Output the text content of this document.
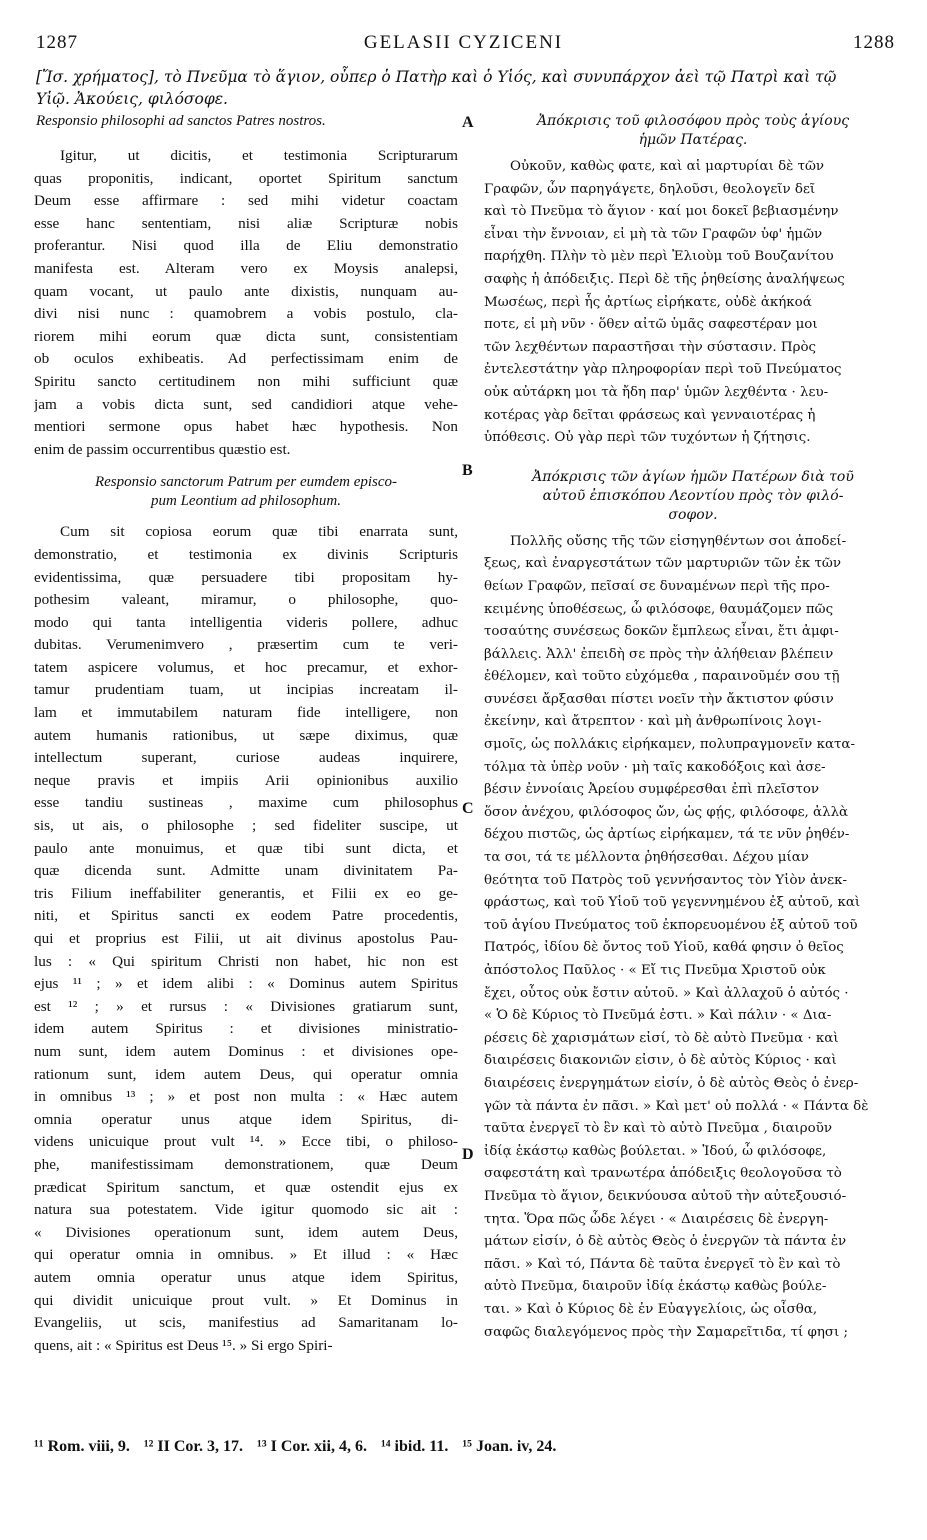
1287	GELASII CYZICENI	1288
[Ἴσ. χρήματος], τὸ Πνεῦμα τὸ ἅγιον, οὗπερ ὁ Πατὴρ καὶ ὁ Υἱός, καὶ συνυπάρχον ἀεὶ τῷ Πατρὶ καὶ τῷ
Υἱῷ. Ἀκούεις, φιλόσοφε.
A
B
C
D
Responsio philosophi ad sanctos Patres nostros.

Igitur, ut dicitis, et testimonia Scripturarum

quas proponitis, indicant, oportet Spiritum sanctum

Deum esse affirmare : sed mihi videtur coactam

esse hanc sententiam, nisi aliæ Scripturæ nobis

proferantur. Nisi quod illa de Eliu demonstratio

manifesta est. Alteram vero ex Moysis analepsi,

quam vocant, ut paulo ante dixistis, nunquam au-

divi nisi nunc : quamobrem a vobis postulo, cla-

riorem mihi eorum quæ dicta sunt, consistentiam

ob oculos exhibeatis. Ad perfectissimam enim de

Spiritu sancto certitudinem non mihi sufficiunt quæ

jam a vobis dicta sunt, sed candidiori atque vehe-

mentiori sermone opus habet hæc hypothesis. Non

enim de passim occurrentibus quæstio est.

Responsio sanctorum Patrum per eumdem episco-
pum Leontium ad philosophum.

Cum sit copiosa eorum quæ tibi enarrata sunt,

demonstratio, et testimonia ex divinis Scripturis

evidentissima, quæ persuadere tibi propositam hy-

pothesim valeant, miramur, o philosophe, quo-

modo qui tanta intelligentia videris pollere, adhuc

dubitas. Verumenimvero , præsertim cum te veri-

tatem aspicere volumus, et hoc precamur, et exhor-

tamur prudentiam tuam, ut incipias increatam il-

lam et immutabilem naturam fide intelligere, non

autem humanis rationibus, ut sæpe diximus, quæ

intellectum superant, curiose audeas inquirere,

neque pravis et impiis Arii opinionibus auxilio

esse tandiu sustineas , maxime cum philosophus

sis, ut ais, o philosophe ; sed fideliter suscipe, ut

paulo ante monuimus, et quæ tibi sunt dicta, et

quæ dicenda sunt. Admitte unam divinitatem Pa-

tris Filium ineffabiliter generantis, et Filii ex eo ge-

niti, et Spiritus sancti ex eodem Patre procedentis,

qui et proprius est Filii, ut ait divinus apostolus Pau-

lus : « Qui spiritum Christi non habet, hic non est

ejus ¹¹ ; » et idem alibi : « Dominus autem Spiritus

est ¹² ; » et rursus : « Divisiones gratiarum sunt,

idem autem Spiritus : et divisiones ministratio-

num sunt, idem autem Dominus : et divisiones ope-

rationum sunt, idem autem Deus, qui operatur omnia

in omnibus ¹³ ; » et post non multa : « Hæc autem

omnia operatur unus atque idem Spiritus, di-

videns unicuique prout vult ¹⁴. » Ecce tibi, o philoso-

phe, manifestissimam demonstrationem, quæ Deum

prædicat Spiritum sanctum, et quæ ostendit ejus ex

natura sua potestatem. Vide igitur quomodo sic ait :

« Divisiones operationum sunt, idem autem Deus,

qui operatur omnia in omnibus. » Et illud : « Hæc

autem omnia operatur unus atque idem Spiritus,

qui dividit unicuique prout vult. » Et Dominus in

Evangeliis, ut scis, manifestius ad Samaritanam lo-

quens, ait : « Spiritus est Deus ¹⁵. » Si ergo Spiri-

Ἀπόκρισις τοῦ φιλοσόφου πρὸς τοὺς ἁγίους
ἡμῶν Πατέρας.

Οὐκοῦν, καθὼς φατε, καὶ αἱ μαρτυρίαι δὲ τῶν

Γραφῶν, ὧν παρηγάγετε, δηλοῦσι, θεολογεῖν δεῖ

καὶ τὸ Πνεῦμα τὸ ἅγιον · καί μοι δοκεῖ βεβιασμένην

εἶναι τὴν ἔννοιαν, εἰ μὴ τὰ τῶν Γραφῶν ὑφ' ἡμῶν

παρήχθη. Πλὴν τὸ μὲν περὶ Ἐλιοὺμ τοῦ Βουζανίτου

σαφὴς ἡ ἀπόδειξις. Περὶ δὲ τῆς ῥηθείσης ἀναλήψεως

Μωσέως, περὶ ἧς ἀρτίως εἰρήκατε, οὐδὲ ἀκήκοά

ποτε, εἰ μὴ νῦν · ὅθεν αἰτῶ ὑμᾶς σαφεστέραν μοι

τῶν λεχθέντων παραστῆσαι τὴν σύστασιν. Πρὸς

ἐντελεστάτην γὰρ πληροφορίαν περὶ τοῦ Πνεύματος

οὐκ αὐτάρκη μοι τὰ ἤδη παρ' ὑμῶν λεχθέντα · λευ-

κοτέρας γὰρ δεῖται φράσεως καὶ γενναιοτέρας ἡ

ὑπόθεσις. Οὐ γὰρ περὶ τῶν τυχόντων ἡ ζήτησις.

Ἀπόκρισις τῶν ἁγίων ἡμῶν Πατέρων διὰ τοῦ
αὐτοῦ ἐπισκόπου Λεοντίου πρὸς τὸν φιλό-
σοφον.

Πολλῆς οὔσης τῆς τῶν εἰσηγηθέντων σοι ἀποδεί-

ξεως, καὶ ἐναργεστάτων τῶν μαρτυριῶν τῶν ἐκ τῶν

θείων Γραφῶν, πεῖσαί σε δυναμένων περὶ τῆς προ-

κειμένης ὑποθέσεως, ὦ φιλόσοφε, θαυμάζομεν πῶς

τοσαύτης συνέσεως δοκῶν ἔμπλεως εἶναι, ἔτι ἀμφι-

βάλλεις. Ἀλλ' ἐπειδὴ σε πρὸς τὴν ἀλήθειαν βλέπειν

ἐθέλομεν, καὶ τοῦτο εὐχόμεθα , παραινοῦμέν σου τῇ

συνέσει ἄρξασθαι πίστει νοεῖν τὴν ἄκτιστον φύσιν

ἐκείνην, καὶ ἄτρεπτον · καὶ μὴ ἀνθρωπίνοις λογι-

σμοῖς, ὡς πολλάκις εἰρήκαμεν, πολυπραγμονεῖν κατα-

τόλμα τὰ ὑπὲρ νοῦν · μὴ ταῖς κακοδόξοις καὶ ἀσε-

βέσιν ἐννοίαις Ἀρείου συμφέρεσθαι ἐπὶ πλεῖστον

ὅσον ἀνέχου, φιλόσοφος ὤν, ὡς φῄς, φιλόσοφε, ἀλλὰ

δέχου πιστῶς, ὡς ἀρτίως εἰρήκαμεν, τά τε νῦν ῥηθέν-

τα σοι, τά τε μέλλοντα ῥηθήσεσθαι. Δέχου μίαν

θεότητα τοῦ Πατρὸς τοῦ γεννήσαντος τὸν Υἱὸν ἀνεκ-

φράστως, καὶ τοῦ Υἱοῦ τοῦ γεγεννημένου ἐξ αὐτοῦ, καὶ

τοῦ ἁγίου Πνεύματος τοῦ ἐκπορευομένου ἐξ αὐτοῦ τοῦ

Πατρός, ἰδίου δὲ ὄντος τοῦ Υἱοῦ, καθά φησιν ὁ θεῖος

ἀπόστολος Παῦλος · « Εἴ τις Πνεῦμα Χριστοῦ οὐκ

ἔχει, οὗτος οὐκ ἔστιν αὐτοῦ. » Καὶ ἀλλαχοῦ ὁ αὐτός ·

« Ὁ δὲ Κύριος τὸ Πνεῦμά ἐστι. » Καὶ πάλιν · « Δια-

ρέσεις δὲ χαρισμάτων εἰσί, τὸ δὲ αὐτὸ Πνεῦμα · καὶ

διαιρέσεις διακονιῶν εἰσιν, ὁ δὲ αὐτὸς Κύριος · καὶ

διαιρέσεις ἐνεργημάτων εἰσίν, ὁ δὲ αὐτὸς Θεὸς ὁ ἐνερ-

γῶν τὰ πάντα ἐν πᾶσι. » Καὶ μετ' οὐ πολλά · « Πάντα δὲ

ταῦτα ἐνεργεῖ τὸ ἓν καὶ τὸ αὐτὸ Πνεῦμα , διαιροῦν

ἰδίᾳ ἑκάστῳ καθὼς βούλεται. » Ἰδού, ὦ φιλόσοφε,

σαφεστάτη καὶ τρανωτέρα ἀπόδειξις θεολογοῦσα τὸ

Πνεῦμα τὸ ἅγιον, δεικνύουσα αὐτοῦ τὴν αὐτεξουσιό-

τητα. Ὅρα πῶς ὧδε λέγει · « Διαιρέσεις δὲ ἐνεργη-

μάτων εἰσίν, ὁ δὲ αὐτὸς Θεὸς ὁ ἐνεργῶν τὰ πάντα ἐν

πᾶσι. » Καὶ τό, Πάντα δὲ ταῦτα ἐνεργεῖ τὸ ἓν καὶ τὸ

αὐτὸ Πνεῦμα, διαιροῦν ἰδίᾳ ἑκάστῳ καθὼς βούλε-

ται. » Καὶ ὁ Κύριος δὲ ἐν Εὐαγγελίοις, ὡς οἶσθα,

σαφῶς διαλεγόμενος πρὸς τὴν Σαμαρεῖτιδα, τί φησι ;

¹¹ Rom. viii, 9. ¹² II Cor. 3, 17. ¹³ I Cor. xii, 4, 6. ¹⁴ ibid. 11. ¹⁵ Joan. iv, 24.
